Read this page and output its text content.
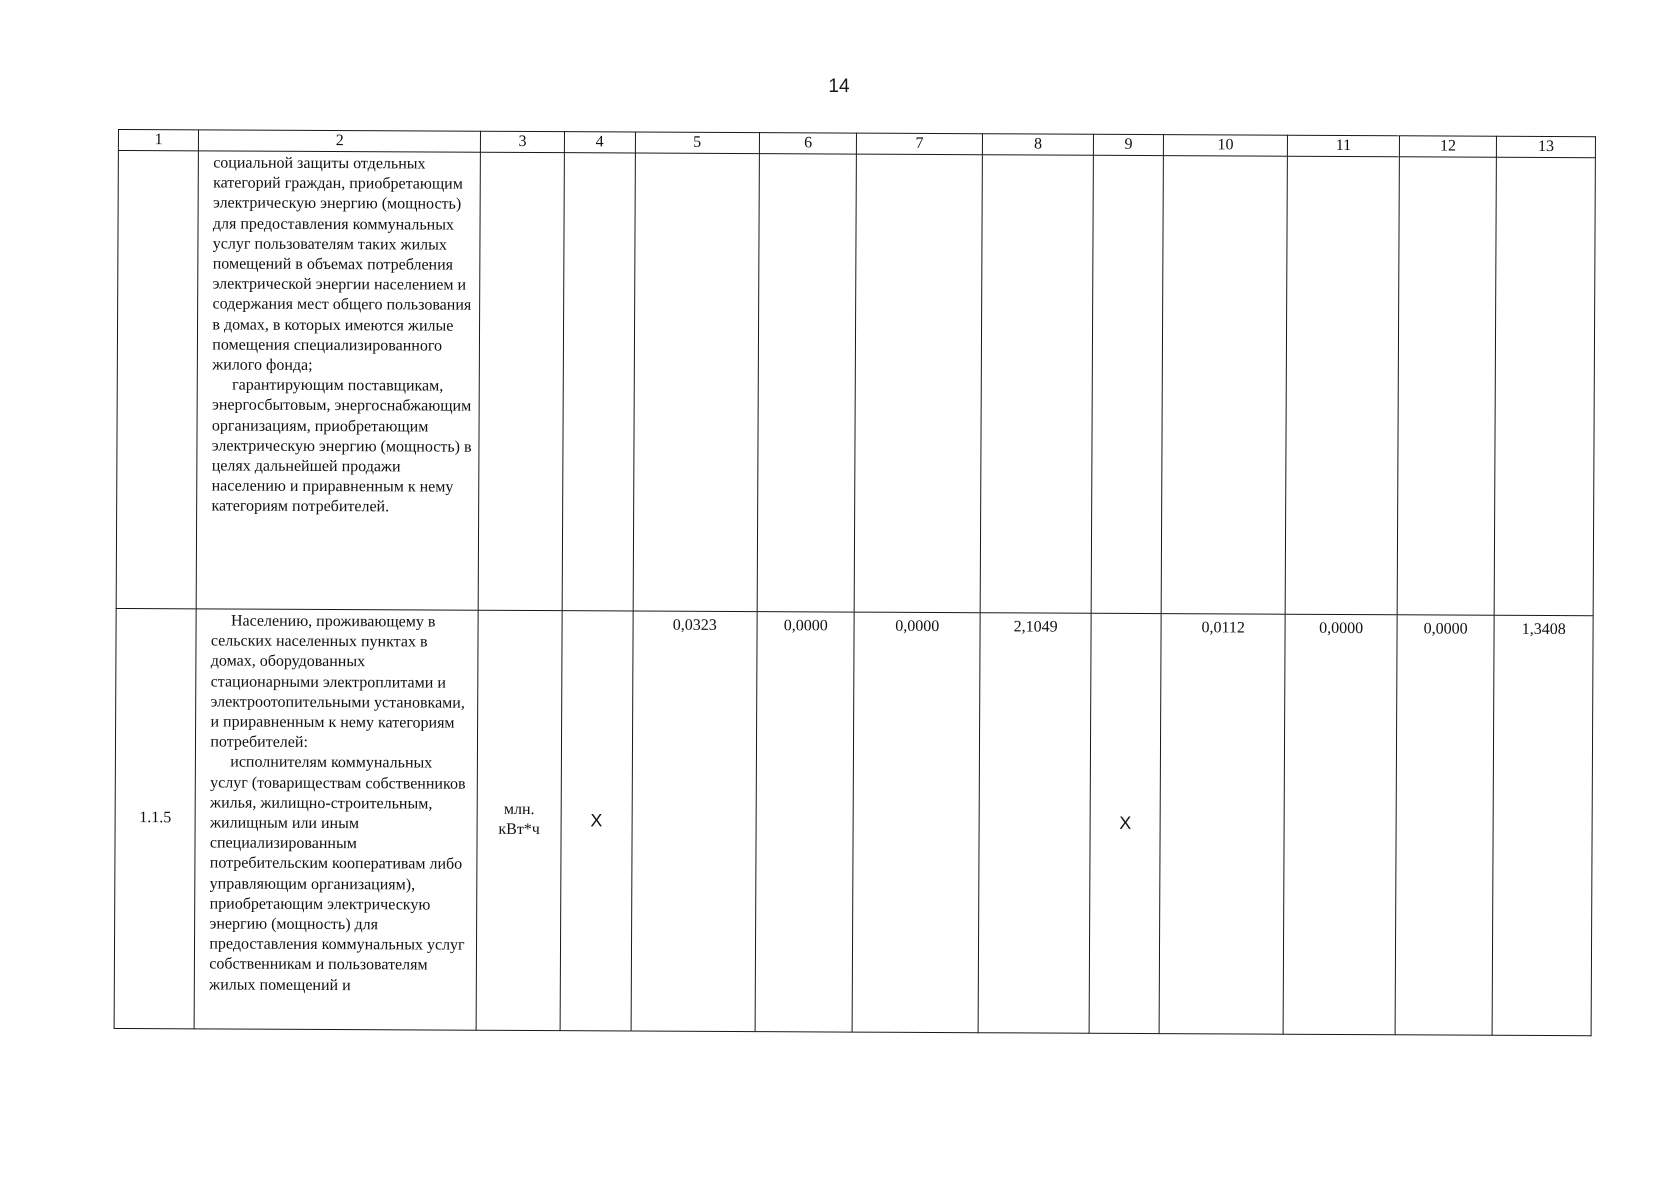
14
1	2	3	4	5	6	7	8	9	10	11	12	13

	социальной защиты отдельных категорий граждан, приобретающим электрическую энергию (мощность) для предоставления коммунальных услуг пользователям таких жилых помещений в объемах потребления электрической энергии населением и содержания мест общего пользования в домах, в которых имеются жилые помещения специализированного жилого фонда;
гарантирующим поставщикам, энергосбытовым, энергоснабжающим организациям, приобретающим электрическую энергию (мощность) в целях дальнейшей продажи населению и приравненным к нему категориям потребителей.											

1.1.5	Населению, проживающему в сельских населенных пунктах в домах, оборудованных стационарными электроплитами и электроотопительными установками, и приравненным к нему категориям потребителей:
исполнителям коммунальных услуг (товариществам собственников жилья, жилищно-строительным, жилищным или иным специализированным потребительским кооперативам либо управляющим организациям), приобретающим электрическую энергию (мощность) для предоставления коммунальных услуг собственникам и пользователям жилых помещений и	млн. кВт*ч	X	0,0323	0,0000	0,0000	2,1049	X	0,0112	0,0000	0,0000	1,3408
